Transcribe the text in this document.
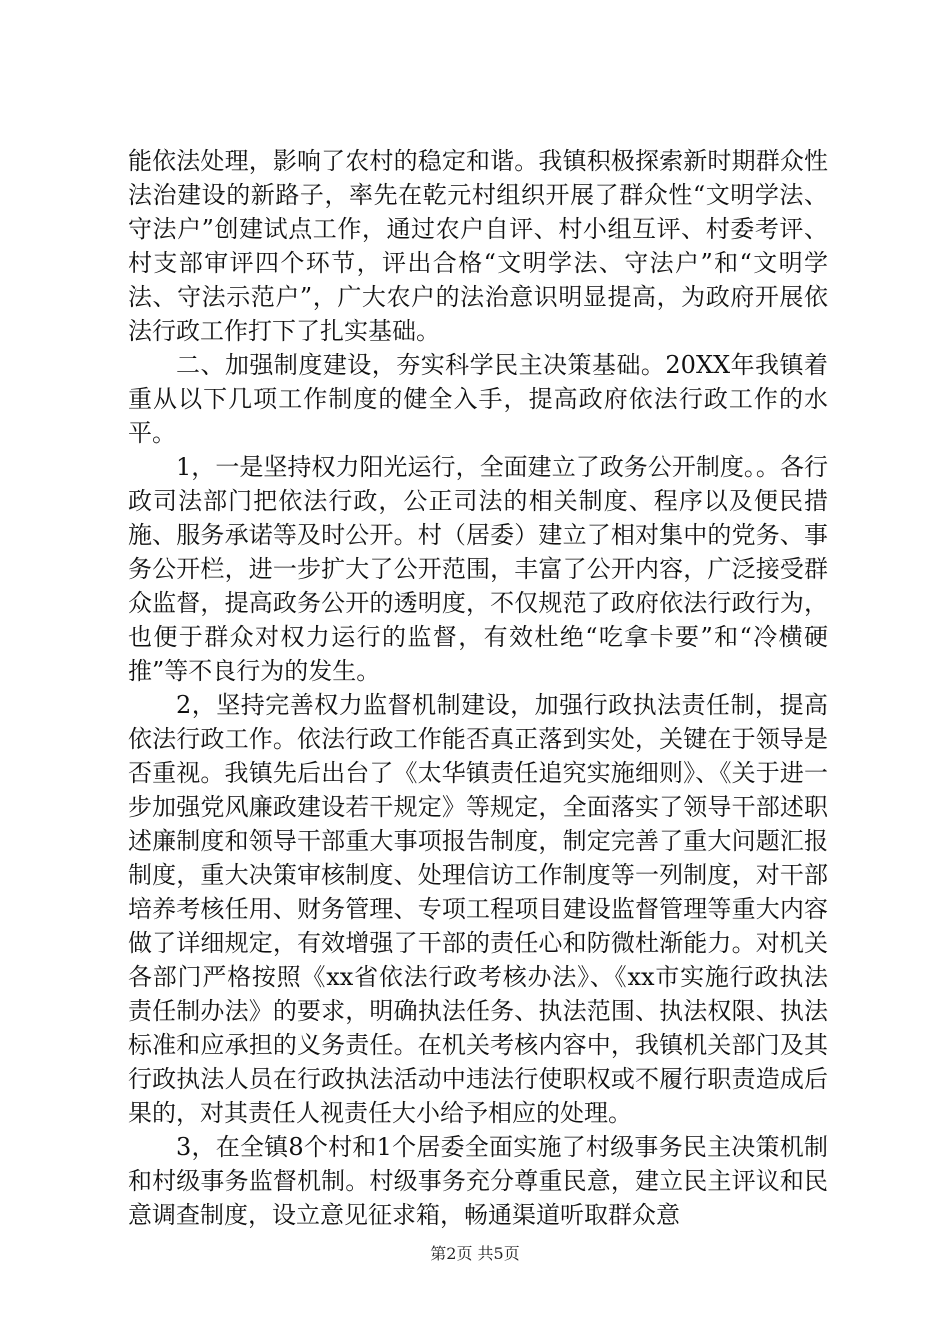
能依法处理，影响了农村的稳定和谐。我镇积极探索新时期群众性法治建设的新路子，率先在乾元村组织开展了群众性“文明学法、守法户”创建试点工作，通过农户自评、村小组互评、村委考评、村支部审评四个环节，评出合格“文明学法、守法户”和“文明学法、守法示范户”，广大农户的法治意识明显提高，为政府开展依法行政工作打下了扎实基础。

二、加强制度建设，夯实科学民主决策基础。20XX年我镇着重从以下几项工作制度的健全入手，提高政府依法行政工作的水平。

1，一是坚持权力阳光运行，全面建立了政务公开制度。。各行政司法部门把依法行政，公正司法的相关制度、程序以及便民措施、服务承诺等及时公开。村（居委）建立了相对集中的党务、事务公开栏，进一步扩大了公开范围，丰富了公开内容，广泛接受群众监督，提高政务公开的透明度，不仅规范了政府依法行政行为，也便于群众对权力运行的监督，有效杜绝“吃拿卡要”和“冷横硬推”等不良行为的发生。

2，坚持完善权力监督机制建设，加强行政执法责任制，提高依法行政工作。依法行政工作能否真正落到实处，关键在于领导是否重视。我镇先后出台了《太华镇责任追究实施细则》、《关于进一步加强党风廉政建设若干规定》等规定，全面落实了领导干部述职述廉制度和领导干部重大事项报告制度，制定完善了重大问题汇报制度，重大决策审核制度、处理信访工作制度等一列制度，对干部培养考核任用、财务管理、专项工程项目建设监督管理等重大内容做了详细规定，有效增强了干部的责任心和防微杜渐能力。对机关各部门严格按照《xx省依法行政考核办法》、《xx市实施行政执法责任制办法》的要求，明确执法任务、执法范围、执法权限、执法标准和应承担的义务责任。在机关考核内容中，我镇机关部门及其行政执法人员在行政执法活动中违法行使职权或不履行职责造成后果的，对其责任人视责任大小给予相应的处理。

3，在全镇8个村和1个居委全面实施了村级事务民主决策机制和村级事务监督机制。村级事务充分尊重民意，建立民主评议和民意调查制度，设立意见征求箱，畅通渠道听取群众意

第2页 共5页
